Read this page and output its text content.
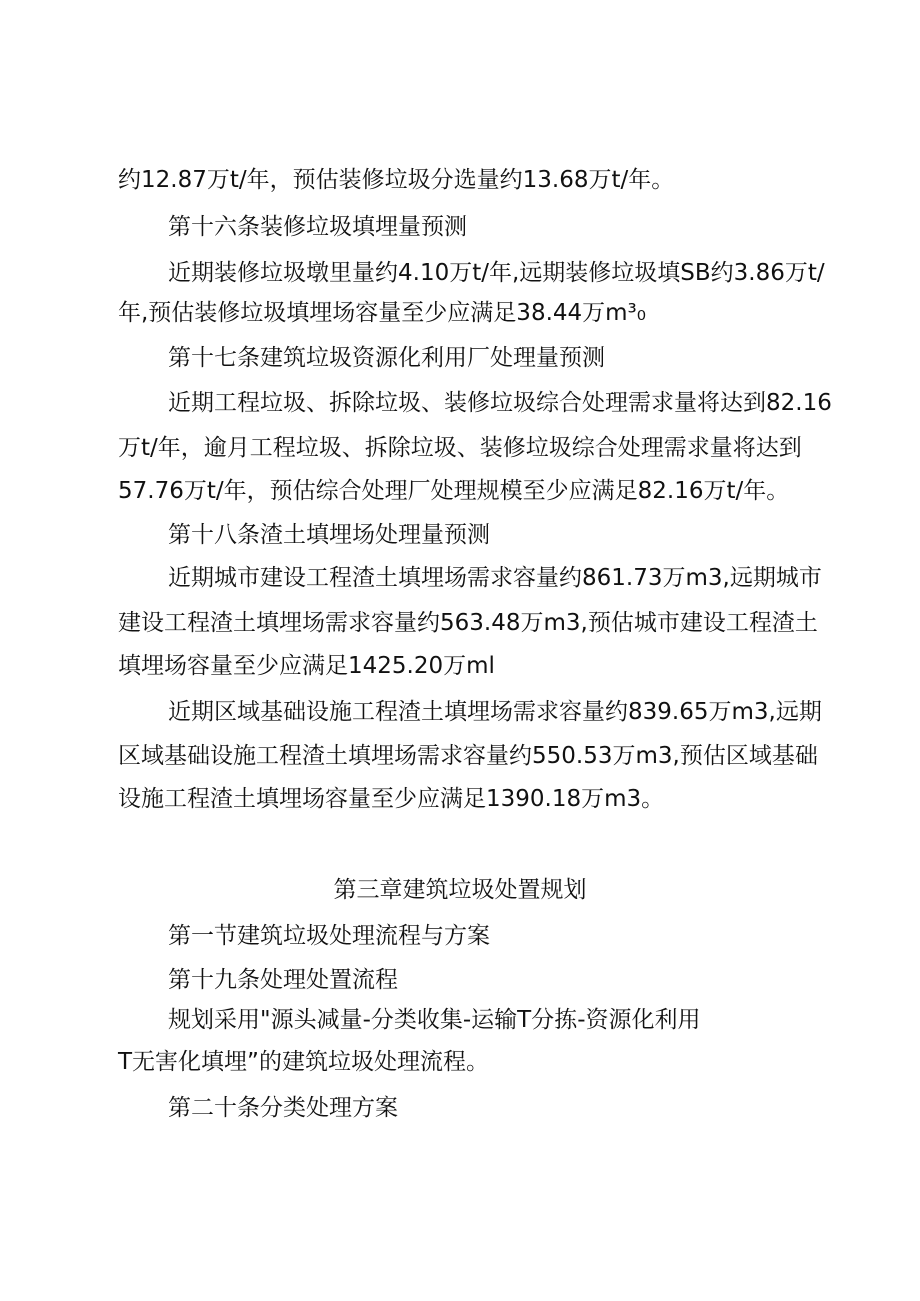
约12.87万t/年，预估装修垃圾分选量约13.68万t/年。
第十六条装修垃圾填埋量预测
近期装修垃圾墩里量约4.10万t/年,远期装修垃圾填SB约3.86万t/
年,预估装修垃圾填埋场容量至少应满足38.44万m³₀
第十七条建筑垃圾资源化利用厂处理量预测
近期工程垃圾、拆除垃圾、装修垃圾综合处理需求量将达到82.16
万t/年，逾月工程垃圾、拆除垃圾、装修垃圾综合处理需求量将达到
57.76万t/年，预估综合处理厂处理规模至少应满足82.16万t/年。
第十八条渣土填埋场处理量预测
近期城市建设工程渣土填埋场需求容量约861.73万m3,远期城市
建设工程渣土填埋场需求容量约563.48万m3,预估城市建设工程渣土
填埋场容量至少应满足1425.20万ml
近期区域基础设施工程渣土填埋场需求容量约839.65万m3,远期
区域基础设施工程渣土填埋场需求容量约550.53万m3,预估区域基础
设施工程渣土填埋场容量至少应满足1390.18万m3。
第三章建筑垃圾处置规划
第一节建筑垃圾处理流程与方案
第十九条处理处置流程
规划采用"源头减量-分类收集-运输T分拣-资源化利用
T无害化填埋”的建筑垃圾处理流程。
第二十条分类处理方案
